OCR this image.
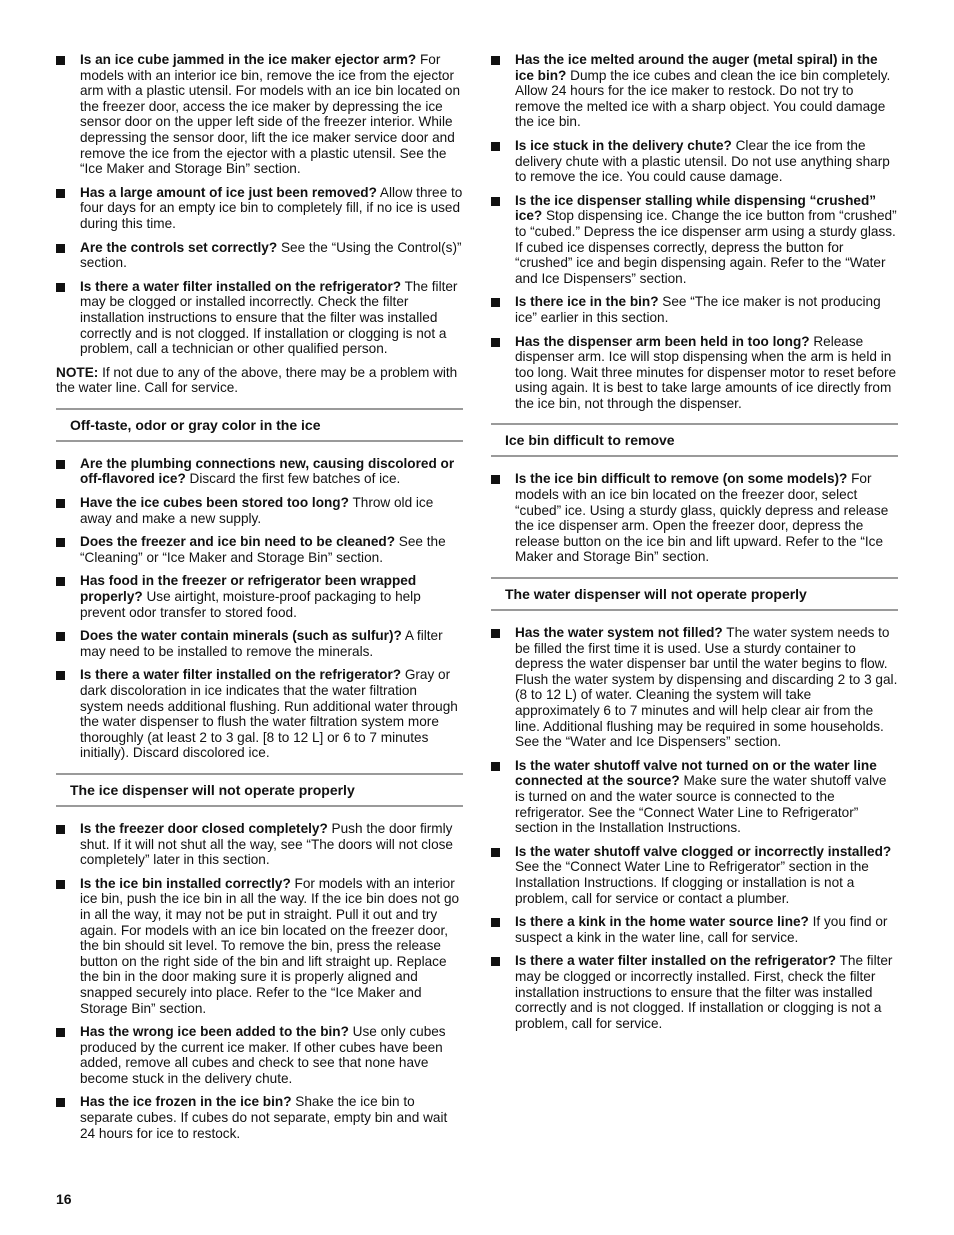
Is an ice cube jammed in the ice maker ejector arm? For models with an interior ice bin, remove the ice from the ejector arm with a plastic utensil. For models with an ice bin located on the freezer door, access the ice maker by depressing the ice sensor door on the upper left side of the freezer interior. While depressing the sensor door, lift the ice maker service door and remove the ice from the ejector with a plastic utensil. See the “Ice Maker and Storage Bin” section.
Has a large amount of ice just been removed? Allow three to four days for an empty ice bin to completely fill, if no ice is used during this time.
Are the controls set correctly? See the “Using the Control(s)” section.
Is there a water filter installed on the refrigerator? The filter may be clogged or installed incorrectly. Check the filter installation instructions to ensure that the filter was installed correctly and is not clogged. If installation or clogging is not a problem, call a technician or other qualified person.

NOTE: If not due to any of the above, there may be a problem with the water line. Call for service.

Off-taste, odor or gray color in the ice
Are the plumbing connections new, causing discolored or off-flavored ice? Discard the first few batches of ice.
Have the ice cubes been stored too long? Throw old ice away and make a new supply.
Does the freezer and ice bin need to be cleaned? See the “Cleaning” or “Ice Maker and Storage Bin” section.
Has food in the freezer or refrigerator been wrapped properly? Use airtight, moisture-proof packaging to help prevent odor transfer to stored food.
Does the water contain minerals (such as sulfur)? A filter may need to be installed to remove the minerals.
Is there a water filter installed on the refrigerator? Gray or dark discoloration in ice indicates that the water filtration system needs additional flushing. Run additional water through the water dispenser to flush the water filtration system more thoroughly (at least 2 to 3 gal. [8 to 12 L] or 6 to 7 minutes initially). Discard discolored ice.
The ice dispenser will not operate properly
Is the freezer door closed completely? Push the door firmly shut. If it will not shut all the way, see “The doors will not close completely” later in this section.
Is the ice bin installed correctly? For models with an interior ice bin, push the ice bin in all the way. If the ice bin does not go in all the way, it may not be put in straight. Pull it out and try again. For models with an ice bin located on the freezer door, the bin should sit level. To remove the bin, press the release button on the right side of the bin and lift straight up. Replace the bin in the door making sure it is properly aligned and snapped securely into place. Refer to the “Ice Maker and Storage Bin” section.
Has the wrong ice been added to the bin? Use only cubes produced by the current ice maker. If other cubes have been added, remove all cubes and check to see that none have become stuck in the delivery chute.
Has the ice frozen in the ice bin? Shake the ice bin to separate cubes. If cubes do not separate, empty bin and wait 24 hours for ice to restock.
Has the ice melted around the auger (metal spiral) in the ice bin? Dump the ice cubes and clean the ice bin completely. Allow 24 hours for the ice maker to restock. Do not try to remove the melted ice with a sharp object. You could damage the ice bin.
Is ice stuck in the delivery chute? Clear the ice from the delivery chute with a plastic utensil. Do not use anything sharp to remove the ice. You could cause damage.
Is the ice dispenser stalling while dispensing “crushed” ice? Stop dispensing ice. Change the ice button from “crushed” to “cubed.” Depress the ice dispenser arm using a sturdy glass. If cubed ice dispenses correctly, depress the button for “crushed” ice and begin dispensing again. Refer to the “Water and Ice Dispensers” section.
Is there ice in the bin? See “The ice maker is not producing ice” earlier in this section.
Has the dispenser arm been held in too long? Release dispenser arm. Ice will stop dispensing when the arm is held in too long. Wait three minutes for dispenser motor to reset before using again. It is best to take large amounts of ice directly from the ice bin, not through the dispenser.
Ice bin difficult to remove
Is the ice bin difficult to remove (on some models)? For models with an ice bin located on the freezer door, select “cubed” ice. Using a sturdy glass, quickly depress and release the ice dispenser arm. Open the freezer door, depress the release button on the ice bin and lift upward. Refer to the “Ice Maker and Storage Bin” section.
The water dispenser will not operate properly
Has the water system not filled? The water system needs to be filled the first time it is used. Use a sturdy container to depress the water dispenser bar until the water begins to flow. Flush the water system by dispensing and discarding 2 to 3 gal. (8 to 12 L) of water. Cleaning the system will take approximately 6 to 7 minutes and will help clear air from the line. Additional flushing may be required in some households. See the “Water and Ice Dispensers” section.
Is the water shutoff valve not turned on or the water line connected at the source? Make sure the water shutoff valve is turned on and the water source is connected to the refrigerator. See the “Connect Water Line to Refrigerator” section in the Installation Instructions.
Is the water shutoff valve clogged or incorrectly installed? See the “Connect Water Line to Refrigerator” section in the Installation Instructions. If clogging or installation is not a problem, call for service or contact a plumber.
Is there a kink in the home water source line? If you find or suspect a kink in the water line, call for service.
Is there a water filter installed on the refrigerator? The filter may be clogged or incorrectly installed. First, check the filter installation instructions to ensure that the filter was installed correctly and is not clogged. If installation or clogging is not a problem, call for service.
16
